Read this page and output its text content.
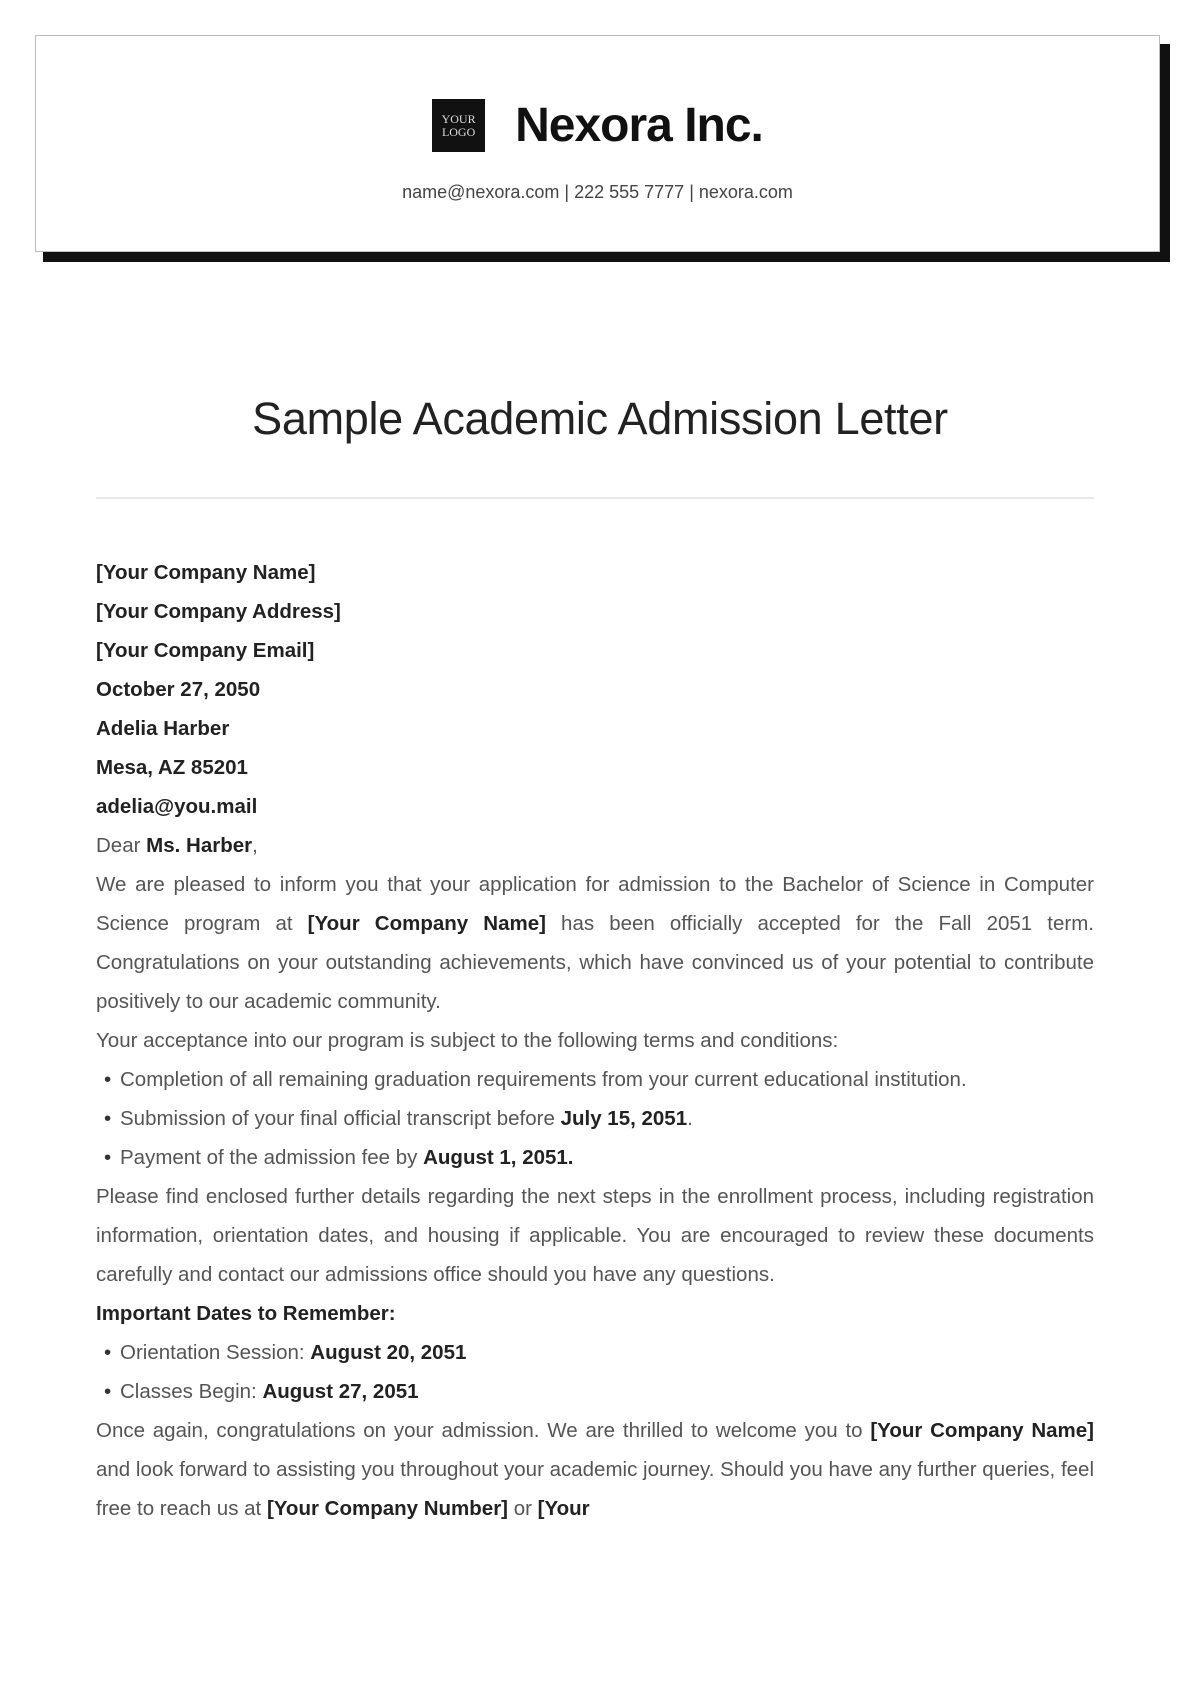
YOUR
LOGO Nexora Inc.
name@nexora.com | 222 555 7777 | nexora.com
Sample Academic Admission Letter

[Your Company Name]

[Your Company Address]

[Your Company Email]

October 27, 2050

Adelia Harber

Mesa, AZ 85201

adelia@you.mail

Dear Ms. Harber,

We are pleased to inform you that your application for admission to the Bachelor of Science in Computer Science program at [Your Company Name] has been officially accepted for the Fall 2051 term. Congratulations on your outstanding achievements, which have convinced us of your potential to contribute positively to our academic community.

Your acceptance into our program is subject to the following terms and conditions:

• Completion of all remaining graduation requirements from your current educational institution.
• Submission of your final official transcript before July 15, 2051.
• Payment of the admission fee by August 1, 2051.

Please find enclosed further details regarding the next steps in the enrollment process, including registration information, orientation dates, and housing if applicable. You are encouraged to review these documents carefully and contact our admissions office should you have any questions.

Important Dates to Remember:

• Orientation Session: August 20, 2051
• Classes Begin: August 27, 2051

Once again, congratulations on your admission. We are thrilled to welcome you to [Your Company Name] and look forward to assisting you throughout your academic journey. Should you have any further queries, feel free to reach us at [Your Company Number] or [Your
